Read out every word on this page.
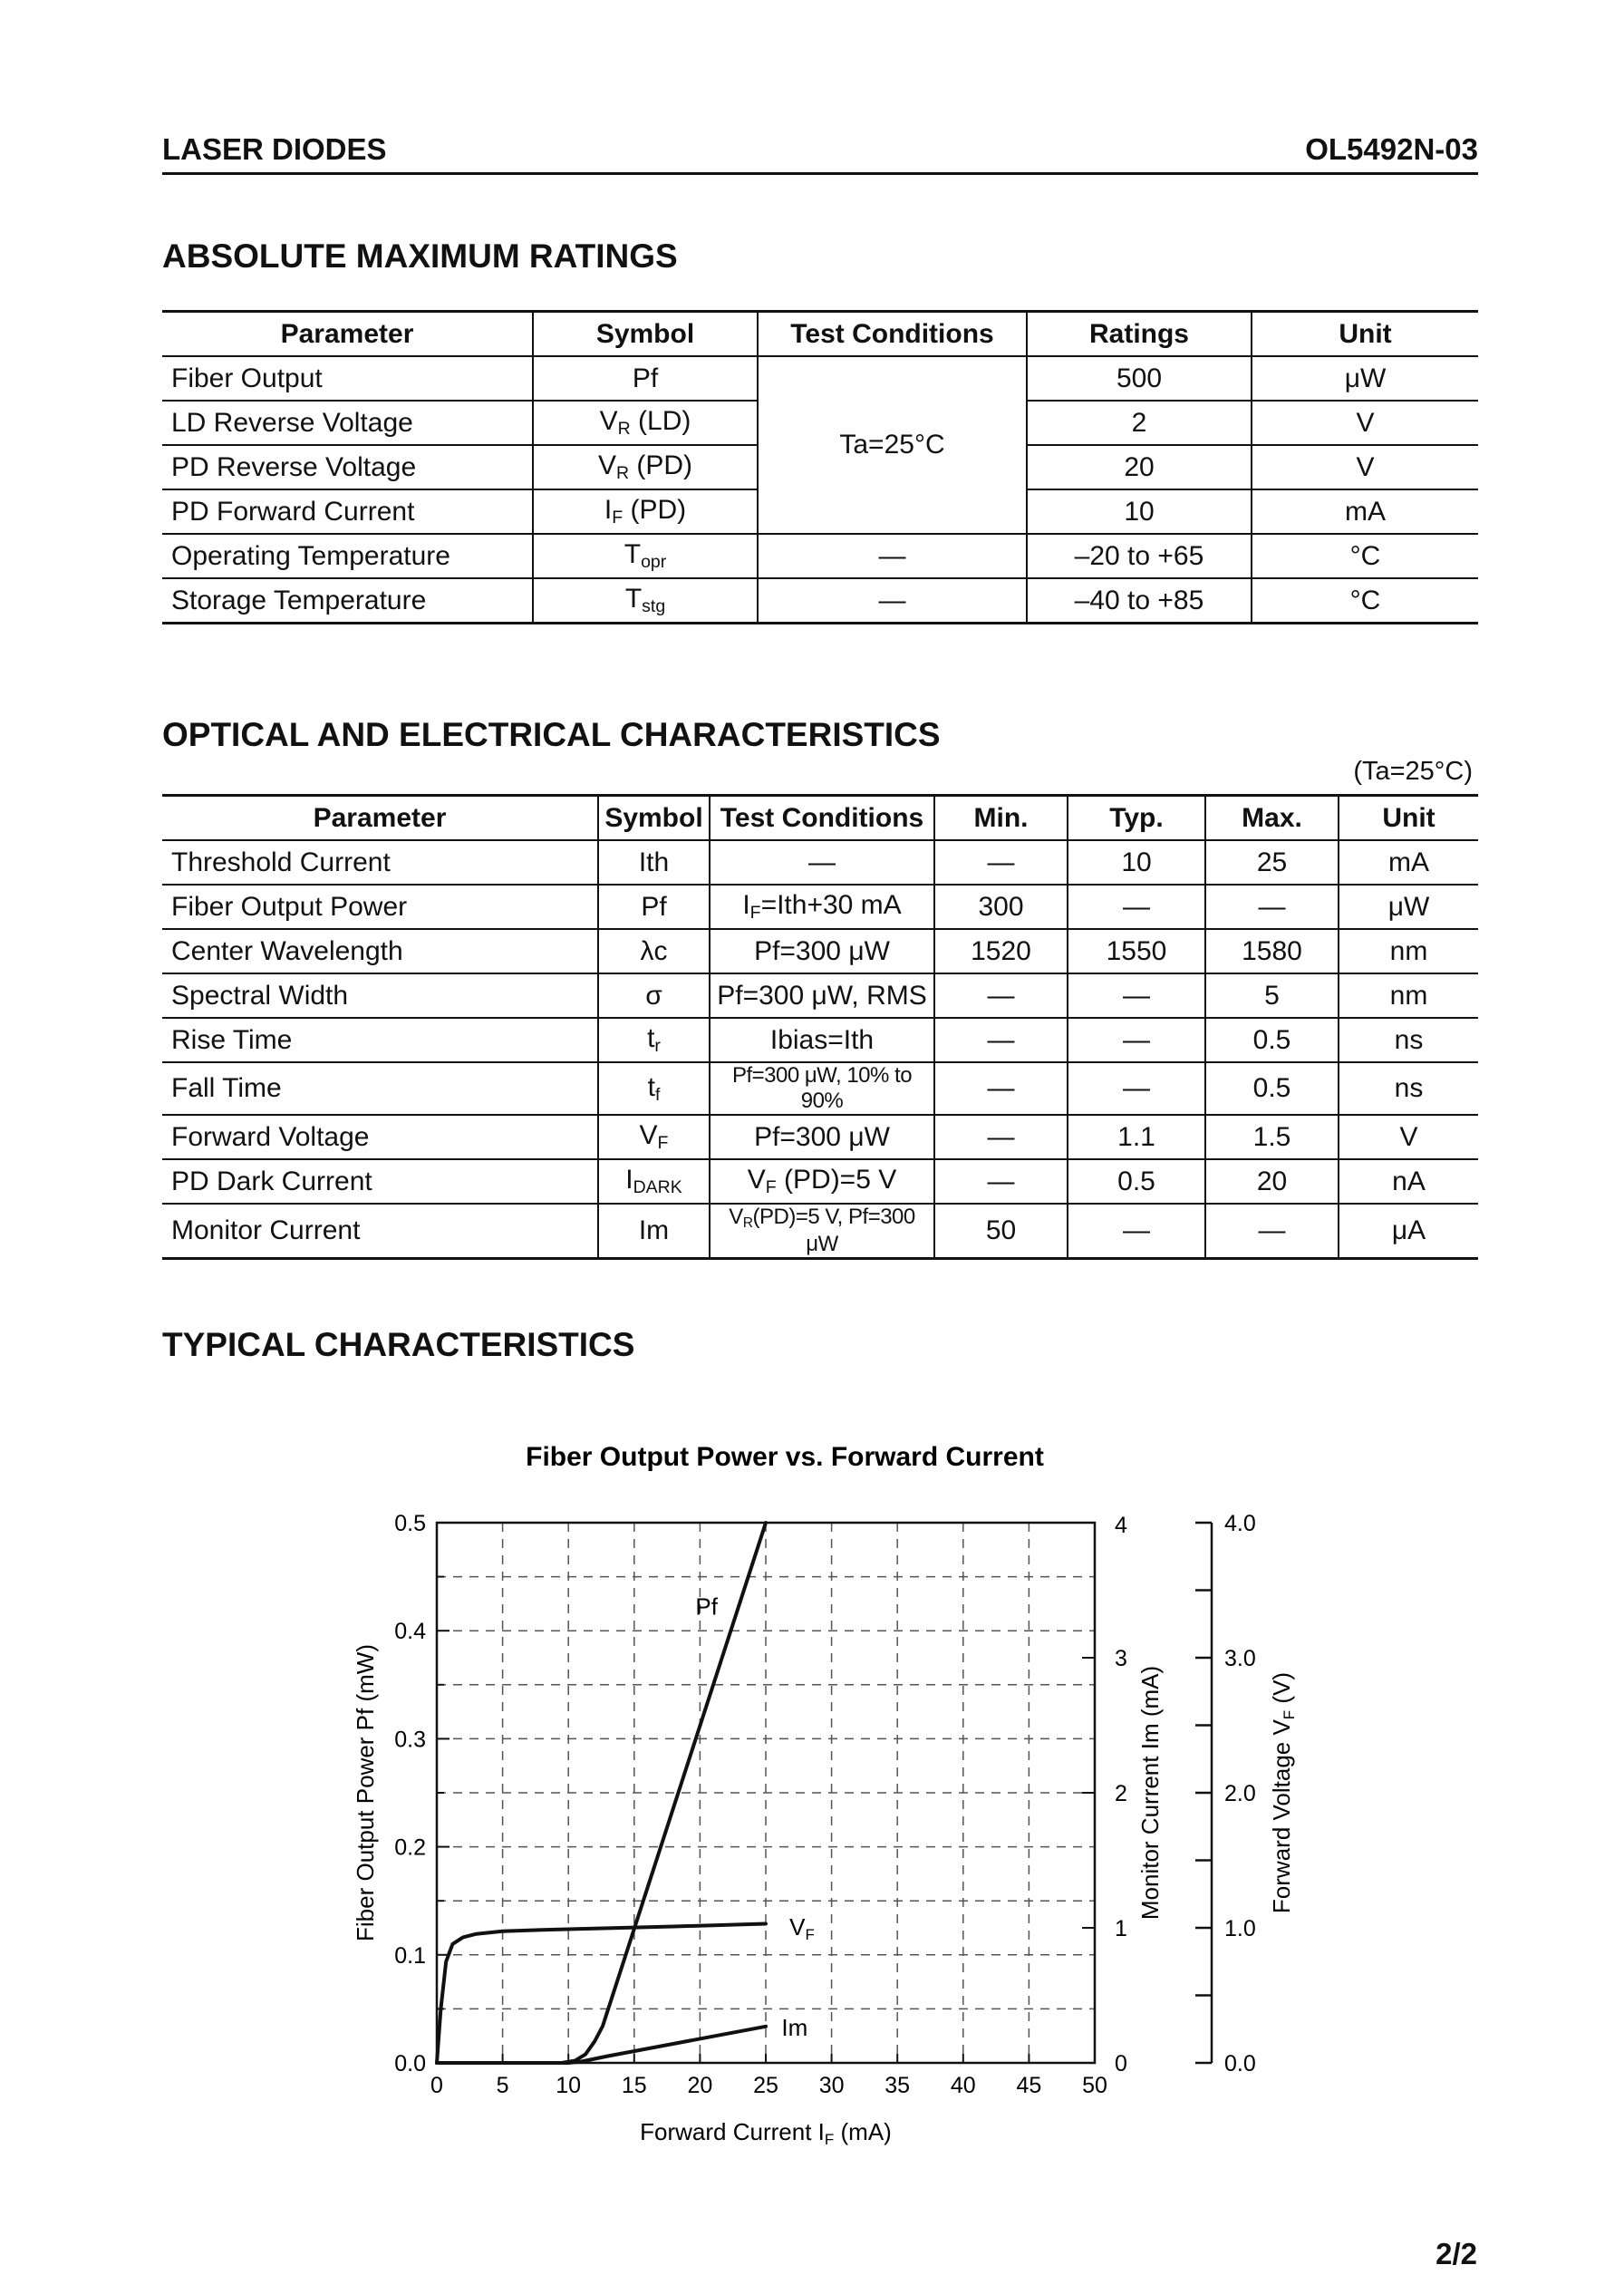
LASER DIODES	OL5492N-03
ABSOLUTE MAXIMUM RATINGS
Parameter	Symbol	Test Conditions	Ratings	Unit
Fiber Output	Pf	Ta=25°C	500	μW
LD Reverse Voltage	$V_R$ (LD)		2	V
PD Reverse Voltage	$V_R$ (PD)		20	V
PD Forward Current	$I_F$ (PD)		10	mA
Operating Temperature	$T_{opr}$	—	–20 to +65	°C
Storage Temperature	$T_{stg}$	—	–40 to +85	°C
OPTICAL AND ELECTRICAL CHARACTERISTICS
(Ta=25°C)
Parameter	Symbol	Test Conditions	Min.	Typ.	Max.	Unit
Threshold Current	Ith	—	—	10	25	mA
Fiber Output Power	Pf	$I_F=Ith+30$ mA	300	—	—	μW
Center Wavelength	λc	Pf=300 μW	1520	1550	1580	nm
Spectral Width	σ	Pf=300 μW, RMS	—	—	5	nm
Rise Time	$t_r$	Ibias=Ith	—	—	0.5	ns
Fall Time	$t_f$	Pf=300 μW, 10% to 90%	—	—	0.5	ns
Forward Voltage	$V_F$	Pf=300 μW	—	1.1	1.5	V
PD Dark Current	$I_{DARK}$	$V_F$ (PD)=5 V	—	0.5	20	nA
Monitor Current	Im	$V_R(PD)=5$ V, Pf=300 μW	50	—	—	μA
TYPICAL CHARACTERISTICS
Fiber Output Power vs. Forward Current
0 5 10 15 20 25 30 35 40 45 50
0.0
0.1
0.2
0.3
0.4
0.5
0
1
2
3
4
0.0
1.0
2.0
3.0
4.0
Pf
VF
Im
Forward Current IF (mA)
Fiber Output Power Pf (mW)	Monitor Current Im (mA)	Forward Voltage VF (V)
2/2
